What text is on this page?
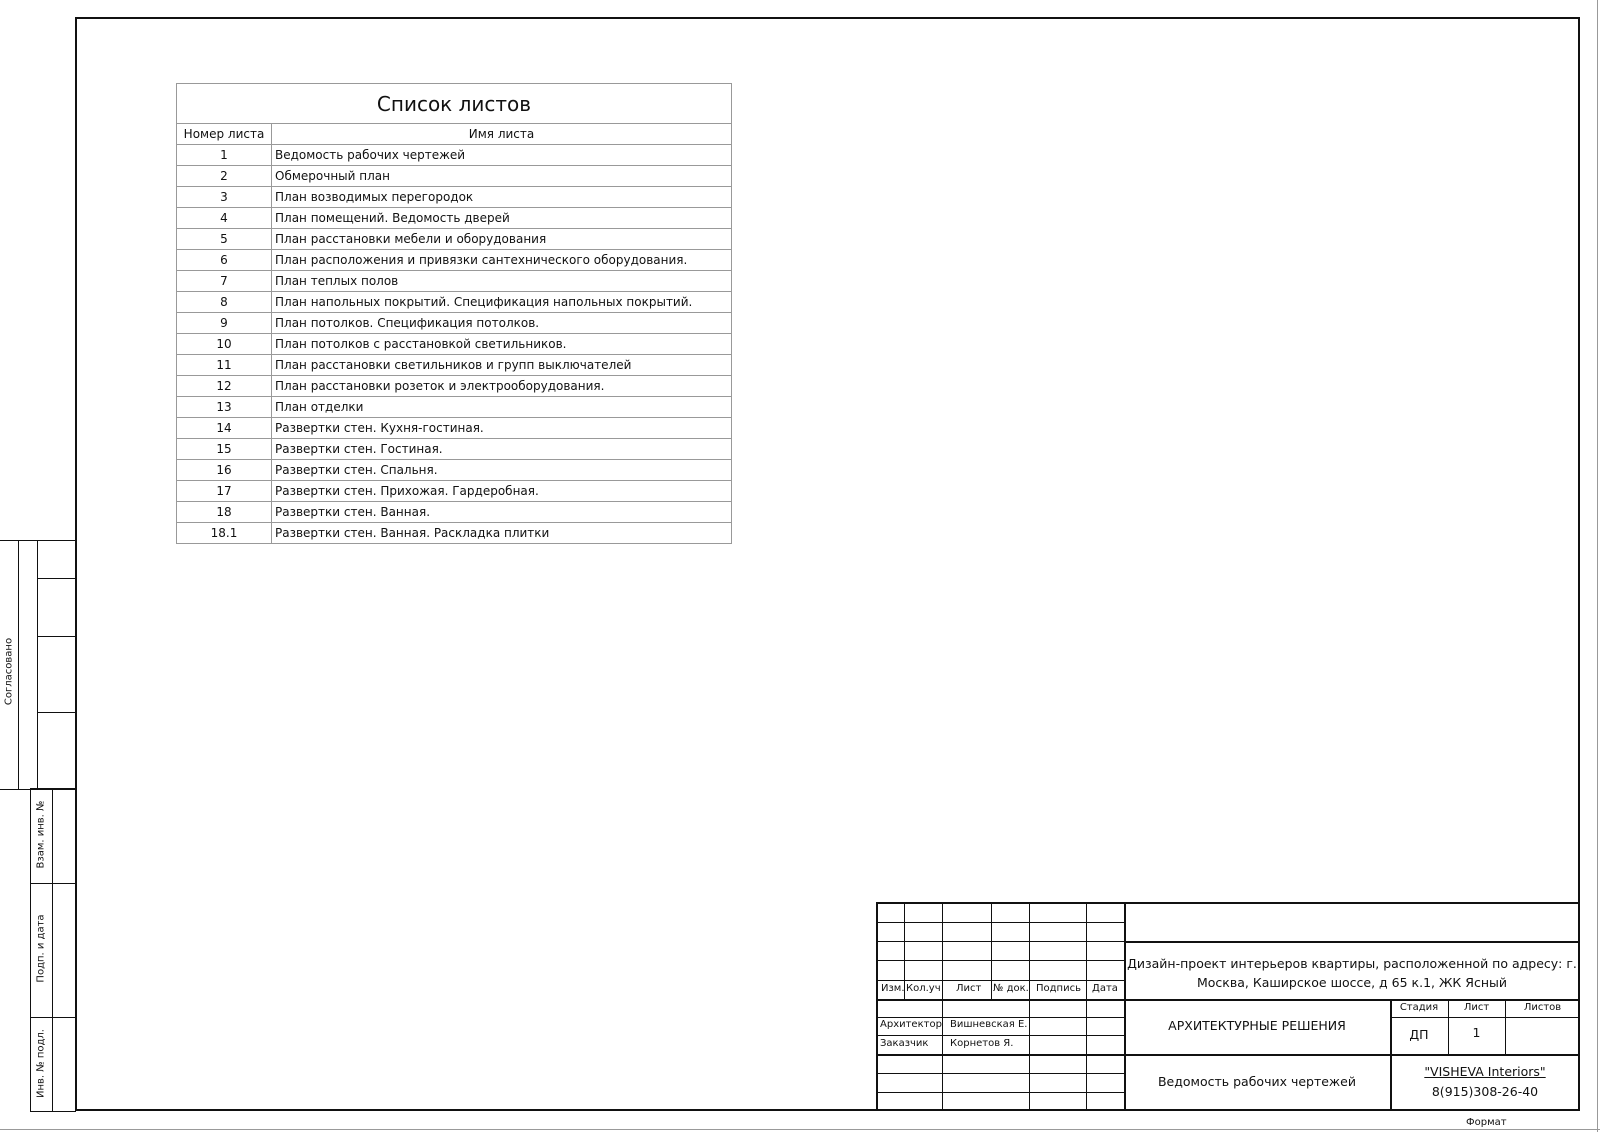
Список листов	
Номер листа	Имя листа
1	Ведомость рабочих чертежей
2	Обмерочный план
3	План возводимых перегородок
4	План помещений. Ведомость дверей
5	План расстановки мебели и оборудования
6	План расположения и привязки сантехнического оборудования.
7	План теплых полов
8	План напольных покрытий. Спецификация напольных покрытий.
9	План потолков. Спецификация потолков.
10	План потолков с расстановкой светильников.
11	План расстановки светильников и групп выключателей
12	План расстановки розеток и электрооборудования.
13	План отделки
14	Развертки стен. Кухня-гостиная.
15	Развертки стен. Гостиная.
16	Развертки стен. Спальня.
17	Развертки стен. Прихожая. Гардеробная.
18	Развертки стен. Ванная.
18.1	Развертки стен. Ванная. Раскладка плитки
Согласовано
Взам. инв. №
Подп. и дата
Инв. № подл.
Изм. Кол.уч Лист № док. Подпись Дата
Архитектор Вишневская Е.
Заказчик Корнетов Я.
Дизайн-проект интерьеров квартиры, расположенной по адресу: г.
Москва, Каширское шоссе, д 65 к.1, ЖК Ясный
АРХИТЕКТУРНЫЕ РЕШЕНИЯ
Стадия	Лист	Листов
ДП	1
Ведомость рабочих чертежей
"VISHEVA Interiors"
8(915)308-26-40
Формат
